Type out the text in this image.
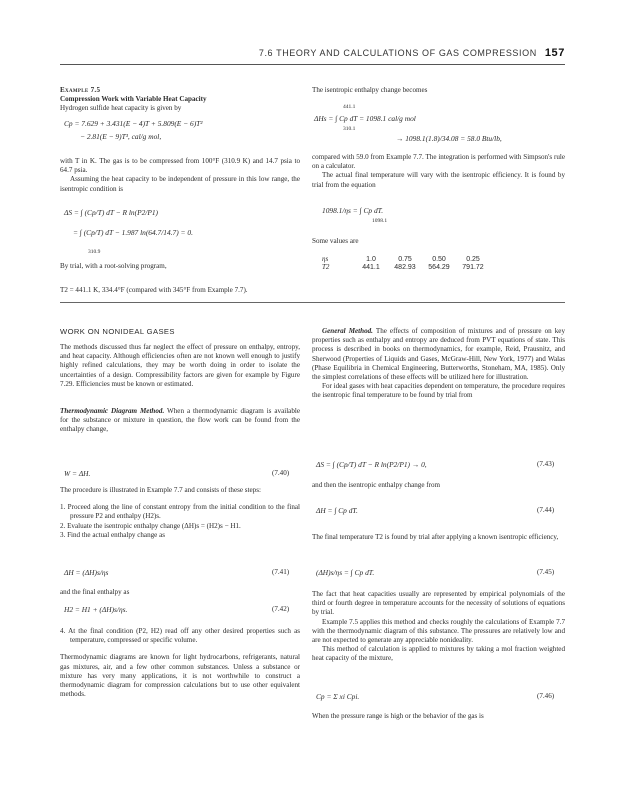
7.6 THEORY AND CALCULATIONS OF GAS COMPRESSION 157

Example 7.5

Compression Work with Variable Heat Capacity

Hydrogen sulfide heat capacity is given by

Cp = 7.629 + 3.431(E − 4)T + 5.809(E − 6)T²
− 2.81(E − 9)T³, cal/g mol,

with T in K. The gas is to be compressed from 100°F (310.9 K) and 14.7 psia to 64.7 psia.

Assuming the heat capacity to be independent of pressure in this low range, the isentropic condition is

ΔS = ∫ (Cp/T) dT − R ln(P2/P1)
= ∫ (Cp/T) dT − 1.987 ln(64.7/14.7) = 0.
310.9

By trial, with a root-solving program,

T2 = 441.1 K, 334.4°F (compared with 345°F from Example 7.7).

The isentropic enthalpy change becomes

441.1
ΔHs = ∫ Cp dT = 1098.1 cal/g mol
310.1
→ 1098.1(1.8)/34.08 = 58.0 Btu/lb,

compared with 59.0 from Example 7.7. The integration is performed with Simpson's rule on a calculator.

The actual final temperature will vary with the isentropic efficiency. It is found by trial from the equation

1098.1/ηs = ∫ Cp dT.
1098.1

Some values are

ηs	1.0	0.75	0.50	0.25
T2	441.1	482.93	564.29	791.72
WORK ON NONIDEAL GASES

The methods discussed thus far neglect the effect of pressure on enthalpy, entropy, and heat capacity. Although efficiencies often are not known well enough to justify highly refined calculations, they may be worth doing in order to isolate the uncertainties of a design. Compressibility factors are given for example by Figure 7.29. Efficiencies must be known or estimated.

Thermodynamic Diagram Method. When a thermodynamic diagram is available for the substance or mixture in question, the flow work can be found from the enthalpy change,

W = ΔH.	(7.40)

The procedure is illustrated in Example 7.7 and consists of these steps:

1. Proceed along the line of constant entropy from the initial condition to the final pressure P2 and enthalpy (H2)s.

2. Evaluate the isentropic enthalpy change (ΔH)s = (H2)s − H1.

3. Find the actual enthalpy change as

ΔH = (ΔH)s/ηs	(7.41)

and the final enthalpy as

H2 = H1 + (ΔH)s/ηs.	(7.42)

4. At the final condition (P2, H2) read off any other desired properties such as temperature, compressed or specific volume.

Thermodynamic diagrams are known for light hydrocarbons, refrigerants, natural gas mixtures, air, and a few other common substances. Unless a substance or mixture has very many applications, it is not worthwhile to construct a thermodynamic diagram for compression calculations but to use other equivalent methods.

General Method. The effects of composition of mixtures and of pressure on key properties such as enthalpy and entropy are deduced from PVT equations of state. This process is described in books on thermodynamics, for example, Reid, Prausnitz, and Sherwood (Properties of Liquids and Gases, McGraw-Hill, New York, 1977) and Walas (Phase Equilibria in Chemical Engineering, Butterworths, Stoneham, MA, 1985). Only the simplest correlations of these effects will be utilized here for illustration.

For ideal gases with heat capacities dependent on temperature, the procedure requires the isentropic final temperature to be found by trial from

ΔS = ∫ (Cp/T) dT − R ln(P2/P1) → 0,	(7.43)

and then the isentropic enthalpy change from

ΔH = ∫ Cp dT.	(7.44)

The final temperature T2 is found by trial after applying a known isentropic efficiency,

(ΔH)s/ηs = ∫ Cp dT.	(7.45)

The fact that heat capacities usually are represented by empirical polynomials of the third or fourth degree in temperature accounts for the necessity of solutions of equations by trial.

Example 7.5 applies this method and checks roughly the calculations of Example 7.7 with the thermodynamic diagram of this substance. The pressures are relatively low and are not expected to generate any appreciable nonideality.

This method of calculation is applied to mixtures by taking a mol fraction weighted heat capacity of the mixture,

Cp = Σ xi Cpi.	(7.46)

When the pressure range is high or the behavior of the gas is
